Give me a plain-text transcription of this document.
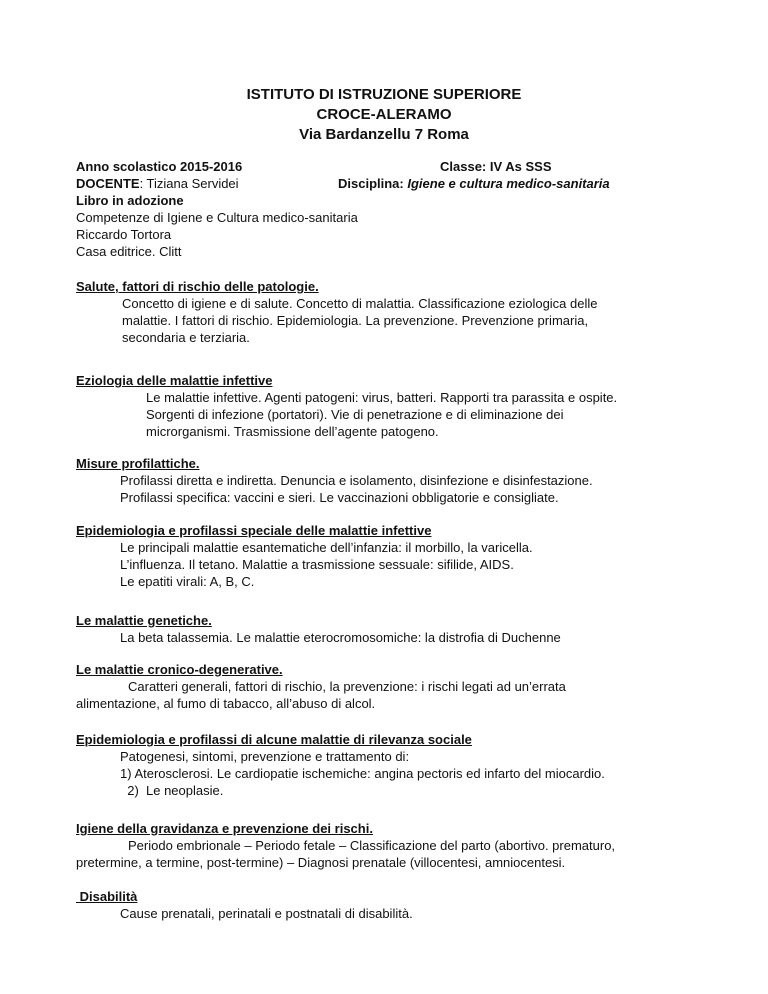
ISTITUTO DI ISTRUZIONE SUPERIORE
CROCE-ALERAMO
Via Bardanzellu 7 Roma
Anno scolastico 2015-2016	Classe: IV As SSS
DOCENTE: Tiziana Servidei	Disciplina: Igiene e cultura medico-sanitaria
Libro in adozione
Competenze di Igiene e Cultura medico-sanitaria
Riccardo Tortora
Casa editrice. Clitt
Salute, fattori di rischio delle patologie.
Concetto di igiene e di salute. Concetto di malattia. Classificazione eziologica delle
malattie. I fattori di rischio. Epidemiologia. La prevenzione. Prevenzione primaria,
secondaria e terziaria.
Eziologia delle malattie infettive
Le malattie infettive. Agenti patogeni: virus, batteri. Rapporti tra parassita e ospite.
Sorgenti di infezione (portatori). Vie di penetrazione e di eliminazione dei
microrganismi. Trasmissione dell’agente patogeno.
Misure profilattiche.
Profilassi diretta e indiretta. Denuncia e isolamento, disinfezione e disinfestazione.
Profilassi specifica: vaccini e sieri. Le vaccinazioni obbligatorie e consigliate.
Epidemiologia e profilassi speciale delle malattie infettive
Le principali malattie esantematiche dell’infanzia: il morbillo, la varicella.
L’influenza. Il tetano. Malattie a trasmissione sessuale: sifilide, AIDS.
Le epatiti virali: A, B, C.
Le malattie genetiche.
La beta talassemia. Le malattie eterocromosomiche: la distrofia di Duchenne
Le malattie cronico-degenerative.
Caratteri generali, fattori di rischio, la prevenzione: i rischi legati ad un’errata
alimentazione, al fumo di tabacco, all’abuso di alcol.
Epidemiologia e profilassi di alcune malattie di rilevanza sociale
Patogenesi, sintomi, prevenzione e trattamento di:
1) Aterosclerosi. Le cardiopatie ischemiche: angina pectoris ed infarto del miocardio.
2)  Le neoplasie.
Igiene della gravidanza e prevenzione dei rischi.
Periodo embrionale – Periodo fetale – Classificazione del parto (abortivo. prematuro,
pretermine, a termine, post-termine) – Diagnosi prenatale (villocentesi, amniocentesi.
Disabilità
Cause prenatali, perinatali e postnatali di disabilità.
